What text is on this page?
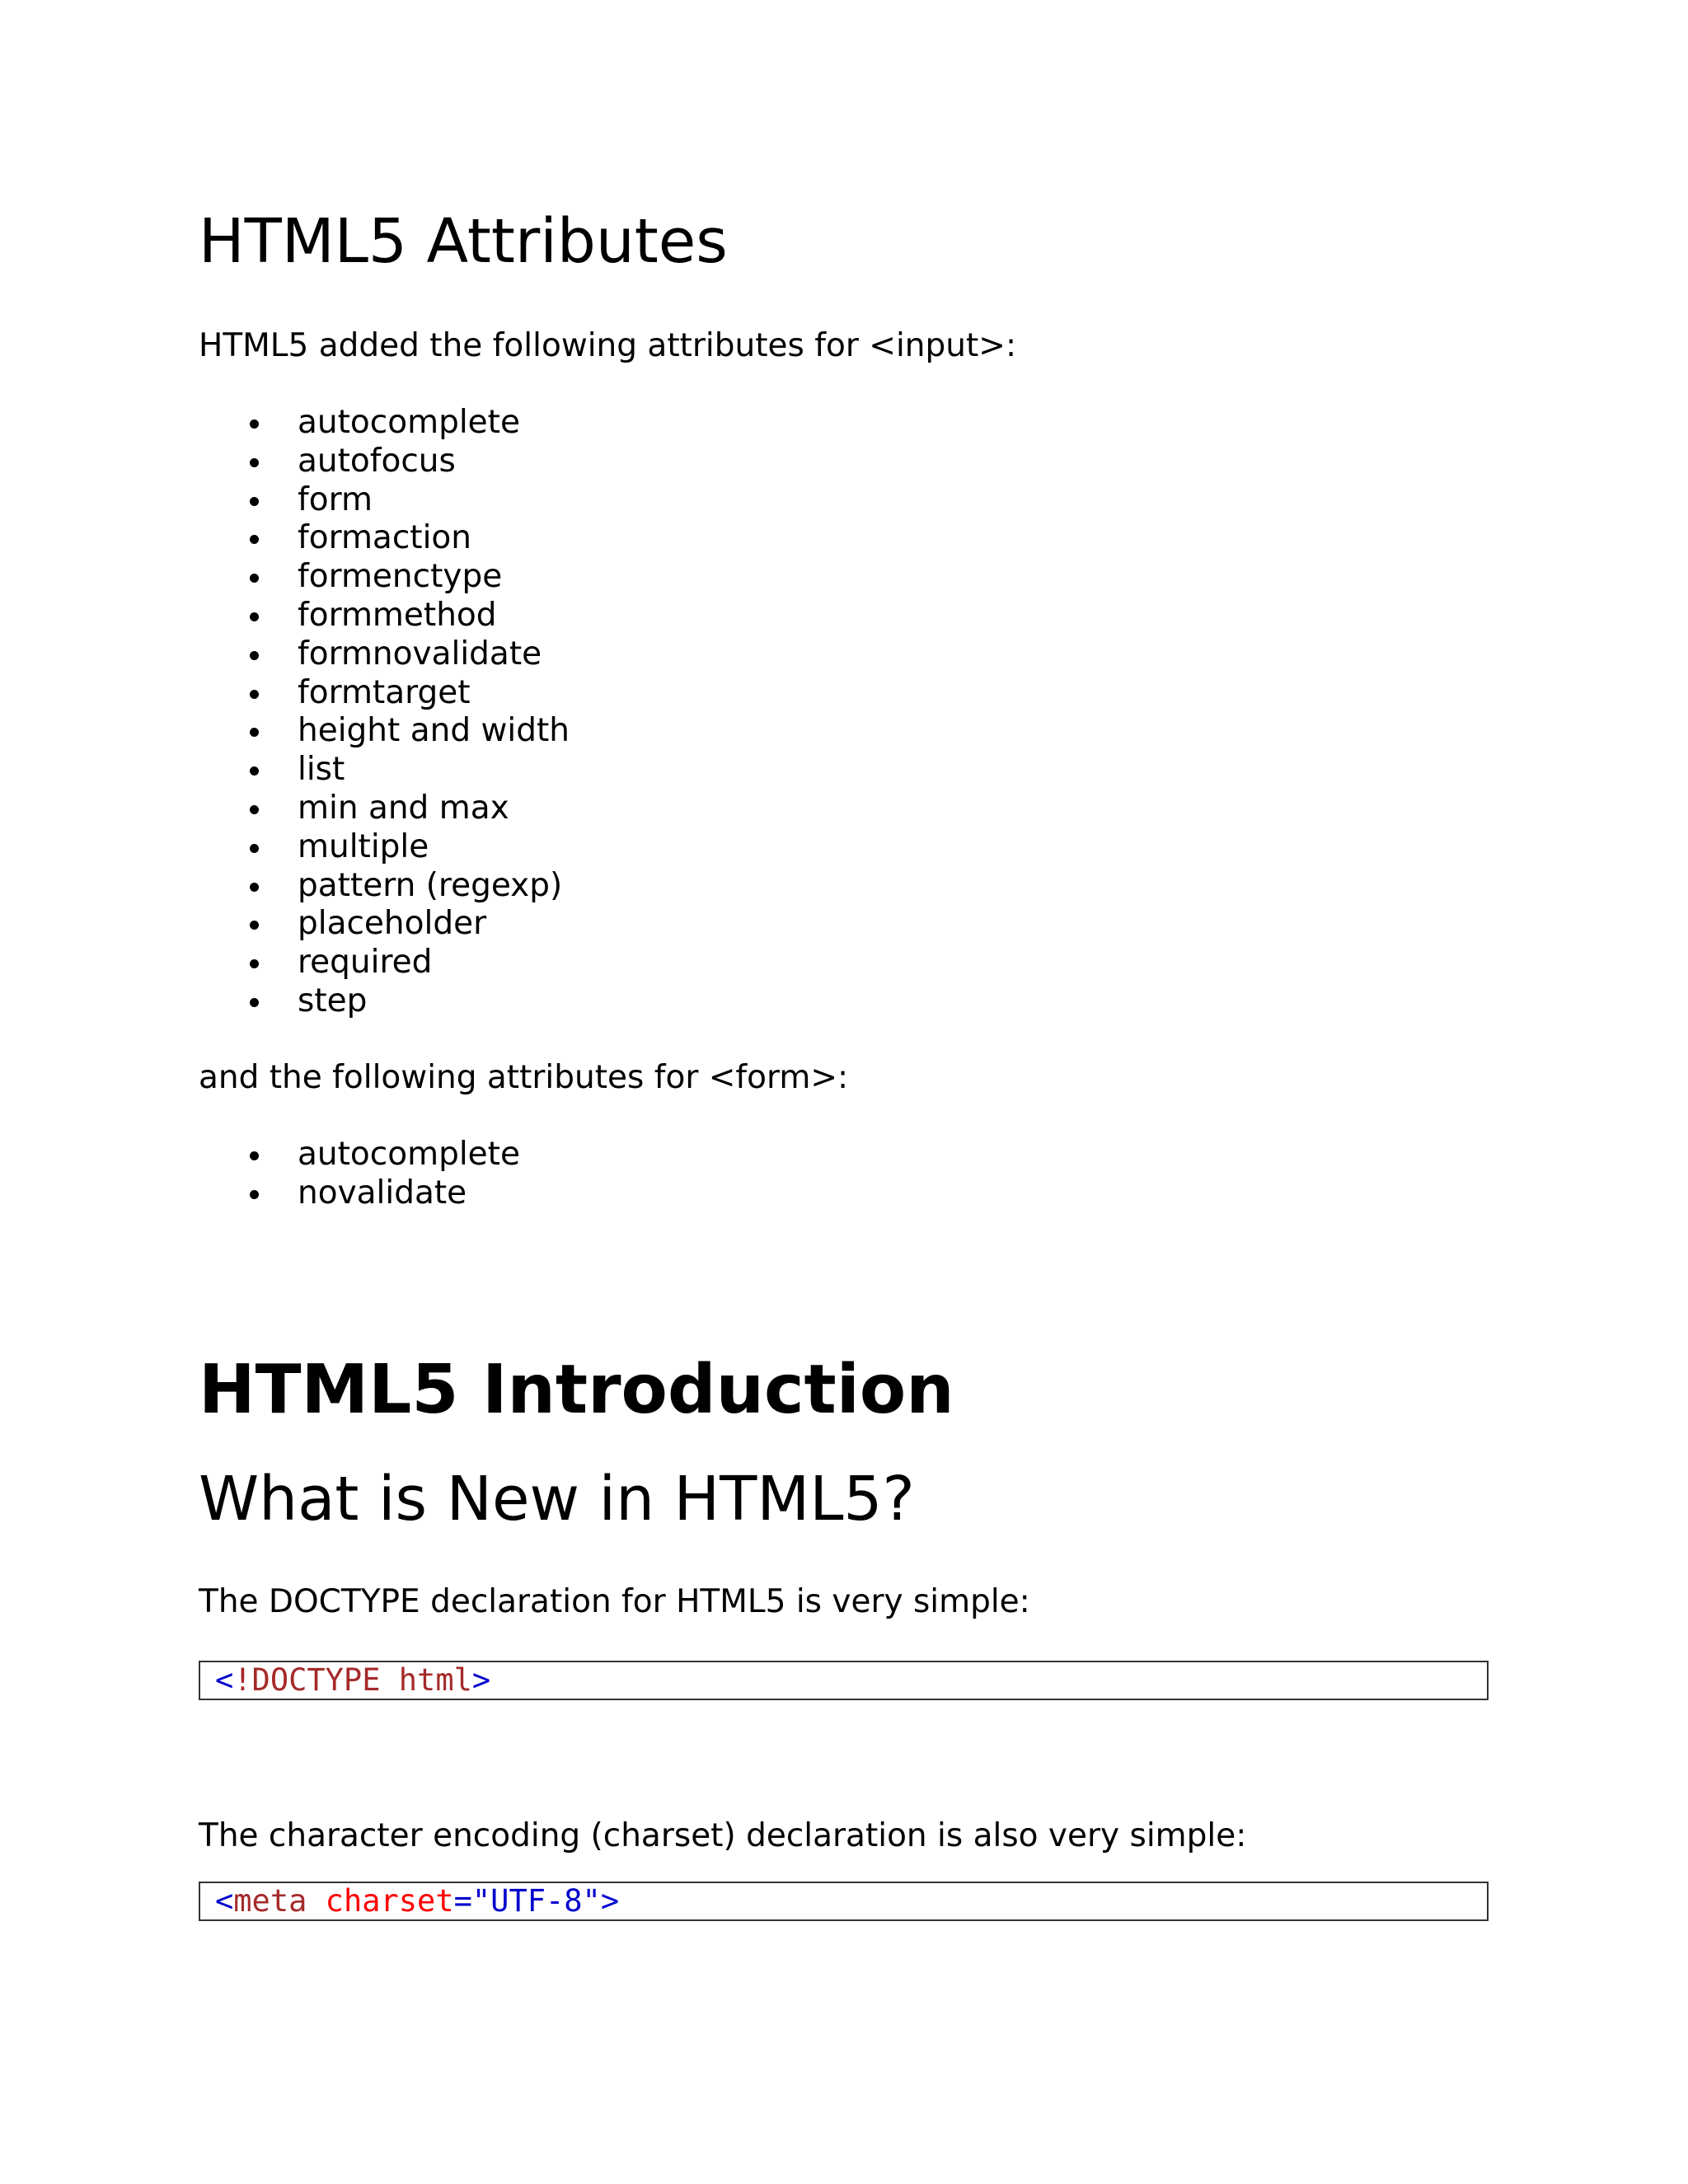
HTML5 Attributes

HTML5 added the following attributes for <input>:

autocomplete
autofocus
form
formaction
formenctype
formmethod
formnovalidate
formtarget
height and width
list
min and max
multiple
pattern (regexp)
placeholder
required
step

and the following attributes for <form>:

autocomplete
novalidate
HTML5 Introduction
What is New in HTML5?

The DOCTYPE declaration for HTML5 is very simple:

<!DOCTYPE html>

The character encoding (charset) declaration is also very simple:

<meta charset="UTF-8">
